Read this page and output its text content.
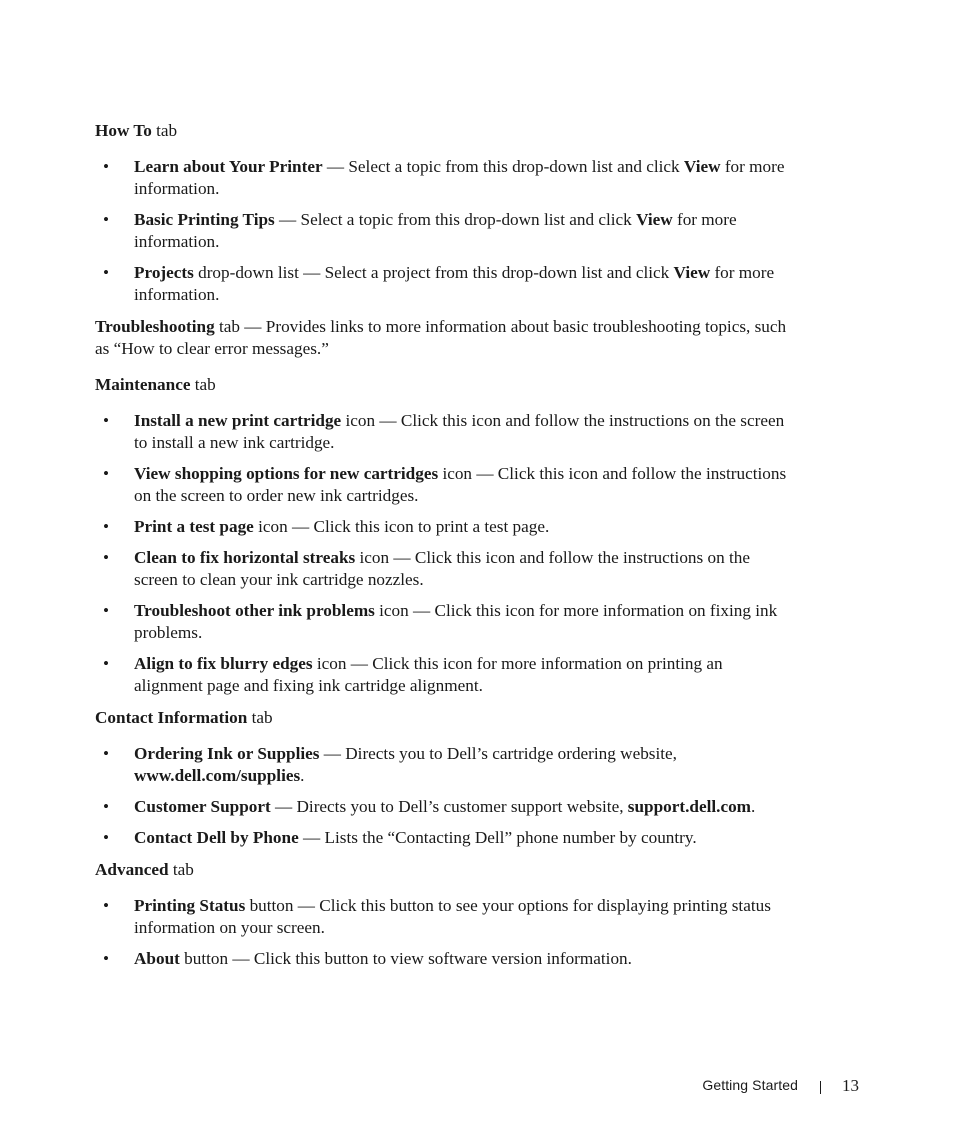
How To tab

• Learn about Your Printer — Select a topic from this drop-down list and click View for more information.
• Basic Printing Tips — Select a topic from this drop-down list and click View for more information.
• Projects drop-down list — Select a project from this drop-down list and click View for more information.

Troubleshooting tab — Provides links to more information about basic troubleshooting topics, such as “How to clear error messages.”

Maintenance tab

• Install a new print cartridge icon — Click this icon and follow the instructions on the screen to install a new ink cartridge.
• View shopping options for new cartridges icon — Click this icon and follow the instructions on the screen to order new ink cartridges.
• Print a test page icon — Click this icon to print a test page.
• Clean to fix horizontal streaks icon — Click this icon and follow the instructions on the screen to clean your ink cartridge nozzles.
• Troubleshoot other ink problems icon — Click this icon for more information on fixing ink problems.
• Align to fix blurry edges icon — Click this icon for more information on printing an alignment page and fixing ink cartridge alignment.

Contact Information tab

• Ordering Ink or Supplies — Directs you to Dell’s cartridge ordering website, www.dell.com/supplies.
• Customer Support — Directs you to Dell’s customer support website, support.dell.com.
• Contact Dell by Phone — Lists the “Contacting Dell” phone number by country.

Advanced tab

• Printing Status button — Click this button to see your options for displaying printing status information on your screen.
• About button — Click this button to view software version information.
Getting Started	13
